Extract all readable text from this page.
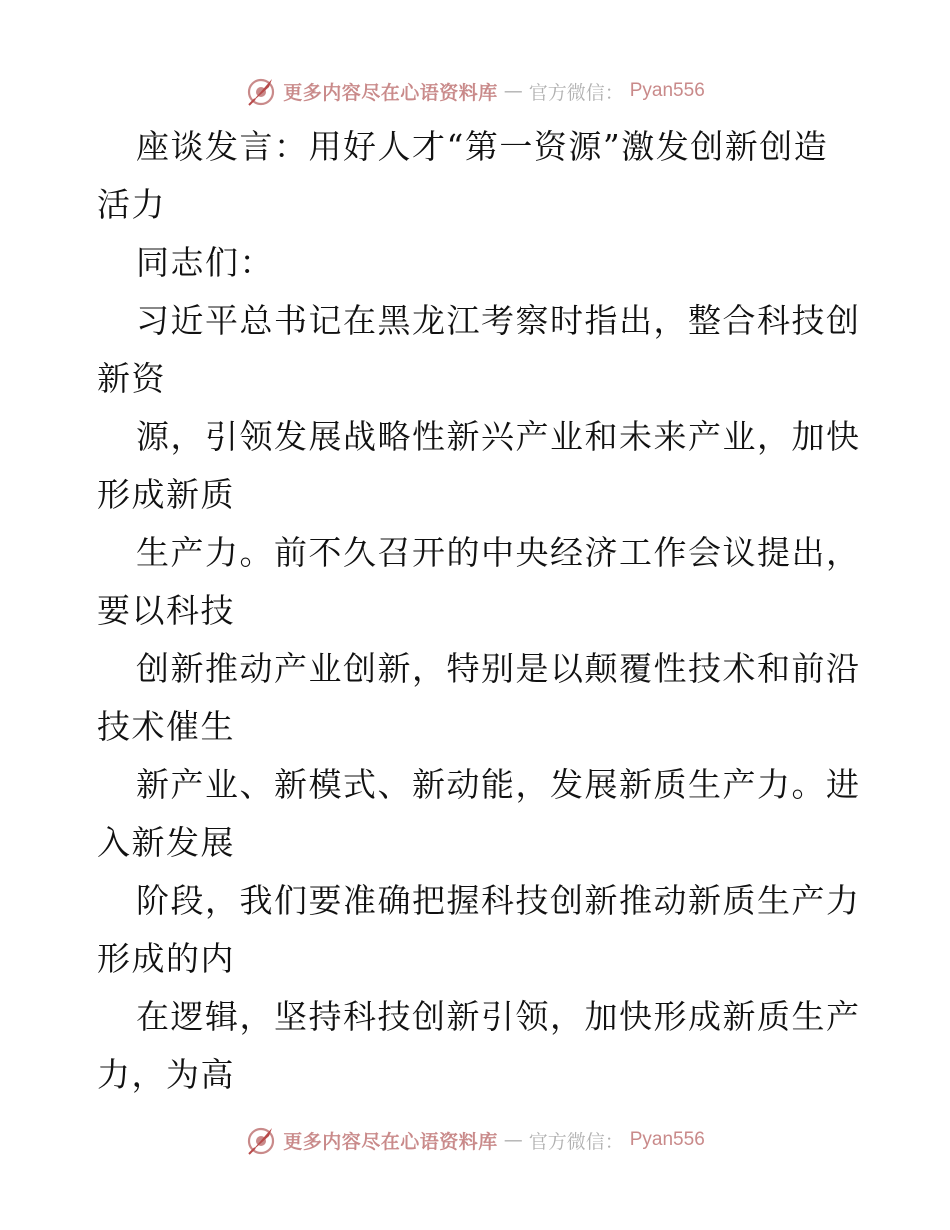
更多内容尽在心语资料库 — 官方微信： Pyan556
座谈发言：用好人才“第一资源”激发创新创造
活力
同志们：
习近平总书记在黑龙江考察时指出，整合科技创
新资
源，引领发展战略性新兴产业和未来产业，加快
形成新质
生产力。前不久召开的中央经济工作会议提出，
要以科技
创新推动产业创新，特别是以颠覆性技术和前沿
技术催生
新产业、新模式、新动能，发展新质生产力。进
入新发展
阶段，我们要准确把握科技创新推动新质生产力
形成的内
在逻辑，坚持科技创新引领，加快形成新质生产
力，为高
更多内容尽在心语资料库 — 官方微信： Pyan556
